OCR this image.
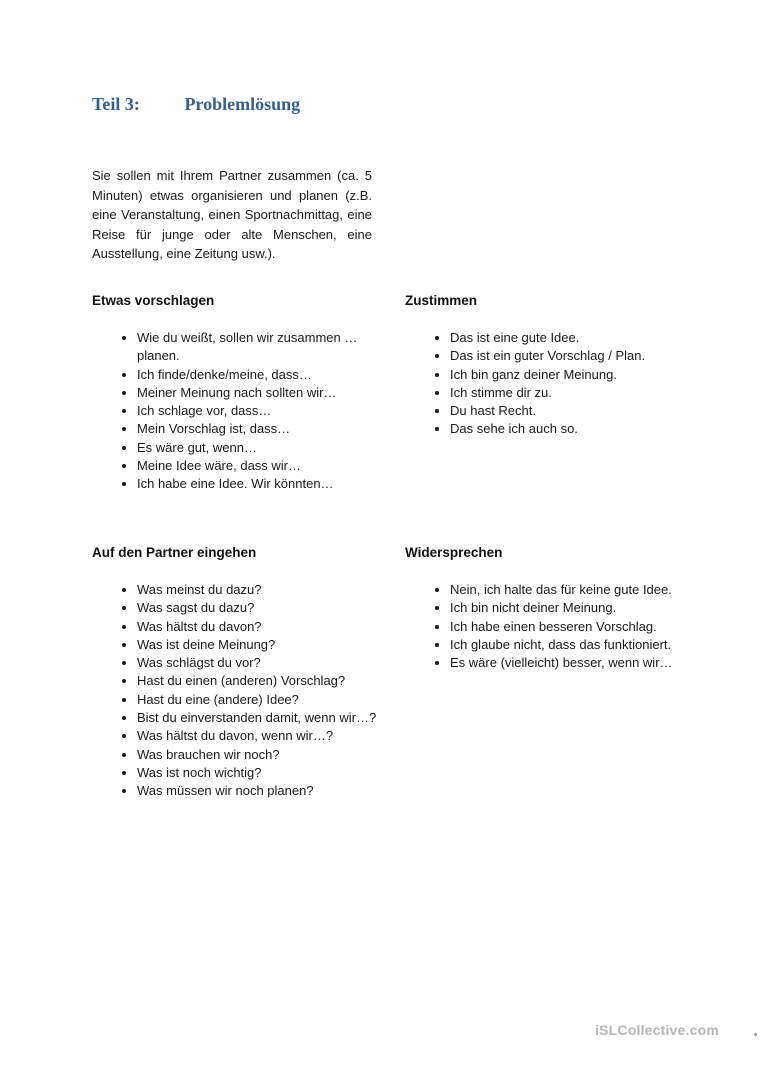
Teil 3: Problemlösung

Sie sollen mit Ihrem Partner zusammen (ca. 5 Minuten) etwas organisieren und planen (z.B. eine Veranstaltung, einen Sportnachmittag, eine Reise für junge oder alte Menschen, eine Ausstellung, eine Zeitung usw.).

Etwas vorschlagen
• Wie du weißt, sollen wir zusammen … planen.
• Ich finde/denke/meine, dass…
• Meiner Meinung nach sollten wir…
• Ich schlage vor, dass…
• Mein Vorschlag ist, dass…
• Es wäre gut, wenn…
• Meine Idee wäre, dass wir…
• Ich habe eine Idee. Wir könnten…
Zustimmen
• Das ist eine gute Idee.
• Das ist ein guter Vorschlag / Plan.
• Ich bin ganz deiner Meinung.
• Ich stimme dir zu.
• Du hast Recht.
• Das sehe ich auch so.
Auf den Partner eingehen
• Was meinst du dazu?
• Was sagst du dazu?
• Was hältst du davon?
• Was ist deine Meinung?
• Was schlägst du vor?
• Hast du einen (anderen) Vorschlag?
• Hast du eine (andere) Idee?
• Bist du einverstanden damit, wenn wir…?
• Was hältst du davon, wenn wir…?
• Was brauchen wir noch?
• Was ist noch wichtig?
• Was müssen wir noch planen?
Widersprechen
• Nein, ich halte das für keine gute Idee.
• Ich bin nicht deiner Meinung.
• Ich habe einen besseren Vorschlag.
• Ich glaube nicht, dass das funktioniert.
• Es wäre (vielleicht) besser, wenn wir…
iSLCollective.com
